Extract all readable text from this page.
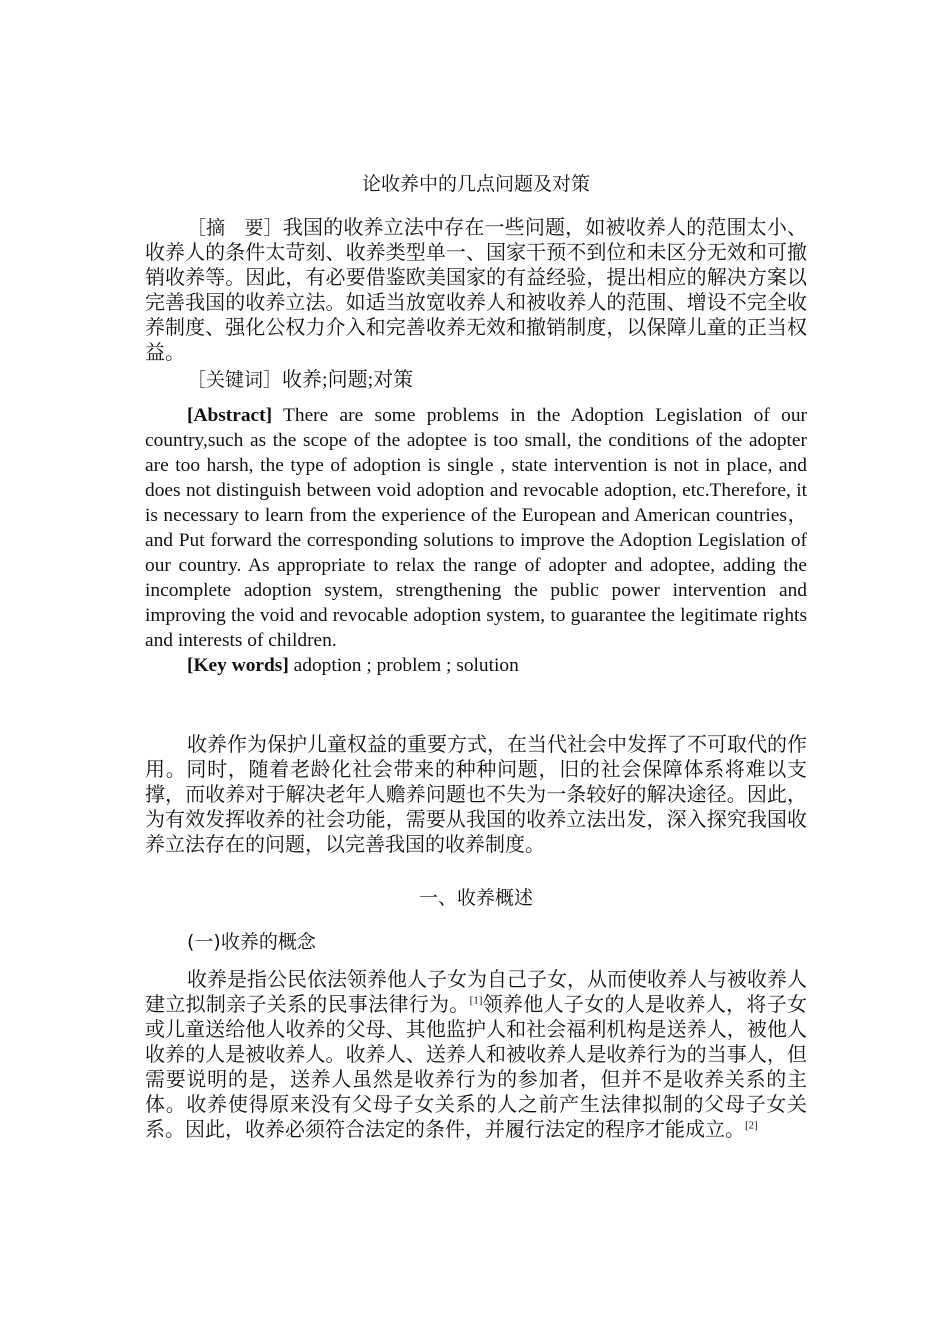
论收养中的几点问题及对策

［摘　要］我国的收养立法中存在一些问题，如被收养人的范围太小、收养人的条件太苛刻、收养类型单一、国家干预不到位和未区分无效和可撤销收养等。因此，有必要借鉴欧美国家的有益经验，提出相应的解决方案以完善我国的收养立法。如适当放宽收养人和被收养人的范围、增设不完全收养制度、强化公权力介入和完善收养无效和撤销制度，以保障儿童的正当权益。

［关键词］收养;问题;对策

[Abstract] There are some problems in the Adoption Legislation of our country,such as the scope of the adoptee is too small, the conditions of the adopter are too harsh, the type of adoption is single , state intervention is not in place, and does not distinguish between void adoption and revocable adoption, etc.Therefore, it is necessary to learn from the experience of the European and American countries， and Put forward the corresponding solutions to improve the Adoption Legislation of our country. As appropriate to relax the range of adopter and adoptee, adding the incomplete adoption system, strengthening the public power intervention and improving the void and revocable adoption system, to guarantee the legitimate rights and interests of children.

[Key words] adoption ; problem ; solution

收养作为保护儿童权益的重要方式，在当代社会中发挥了不可取代的作用。同时，随着老龄化社会带来的种种问题，旧的社会保障体系将难以支撑，而收养对于解决老年人赡养问题也不失为一条较好的解决途径。因此，为有效发挥收养的社会功能，需要从我国的收养立法出发，深入探究我国收养立法存在的问题，以完善我国的收养制度。

一、收养概述
(一)收养的概念

收养是指公民依法领养他人子女为自己子女，从而使收养人与被收养人建立拟制亲子关系的民事法律行为。[1]领养他人子女的人是收养人，将子女或儿童送给他人收养的父母、其他监护人和社会福利机构是送养人，被他人收养的人是被收养人。收养人、送养人和被收养人是收养行为的当事人，但需要说明的是，送养人虽然是收养行为的参加者，但并不是收养关系的主体。收养使得原来没有父母子女关系的人之前产生法律拟制的父母子女关系。因此，收养必须符合法定的条件，并履行法定的程序才能成立。[2]
